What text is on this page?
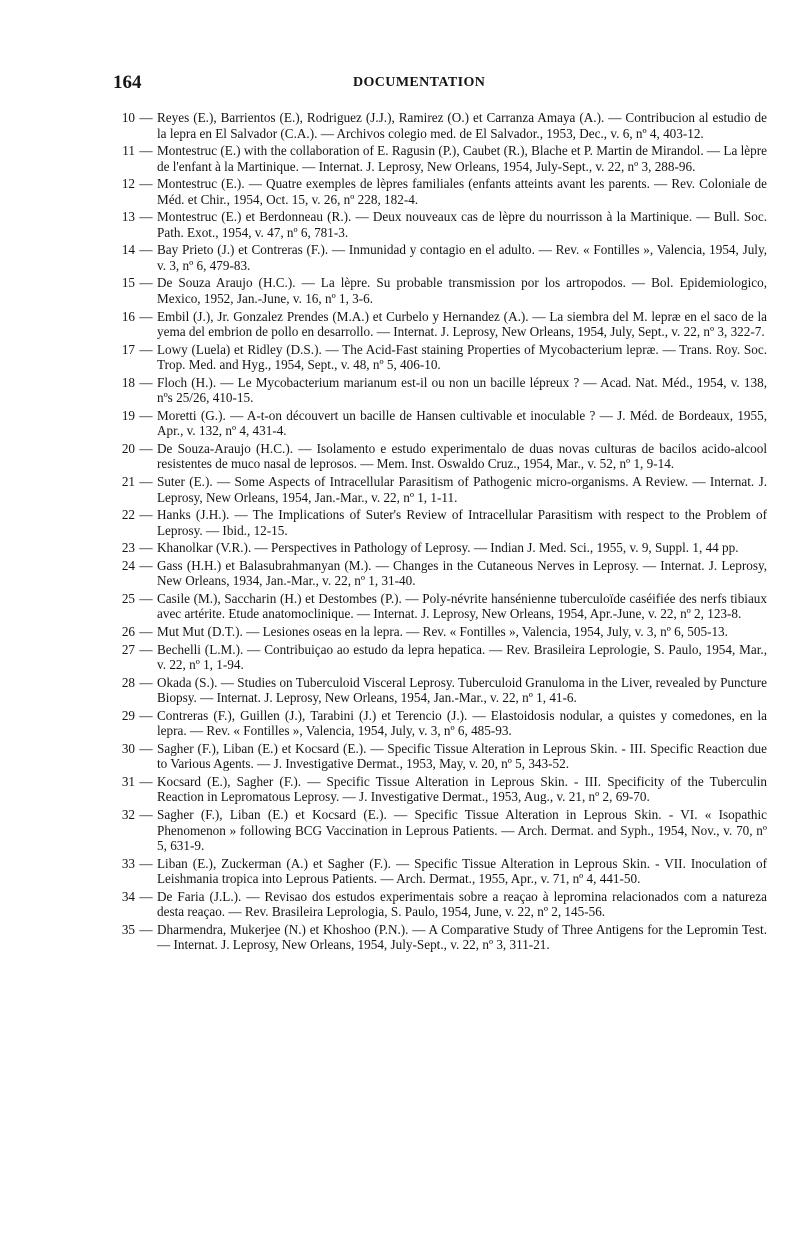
164	DOCUMENTATION
10 — Reyes (E.), Barrientos (E.), Rodriguez (J.J.), Ramirez (O.) et Carranza Amaya (A.). — Contribucion al estudio de la lepra en El Salvador (C.A.). — Archivos colegio med. de El Salvador., 1953, Dec., v. 6, nº 4, 403-12.
11 — Montestruc (E.) with the collaboration of E. Ragusin (P.), Caubet (R.), Blache et P. Martin de Mirandol. — La lèpre de l'enfant à la Martinique. — Internat. J. Leprosy, New Orleans, 1954, July-Sept., v. 22, nº 3, 288-96.
12 — Montestruc (E.). — Quatre exemples de lèpres familiales (enfants atteints avant les parents. — Rev. Coloniale de Méd. et Chir., 1954, Oct. 15, v. 26, nº 228, 182-4.
13 — Montestruc (E.) et Berdonneau (R.). — Deux nouveaux cas de lèpre du nourrisson à la Martinique. — Bull. Soc. Path. Exot., 1954, v. 47, nº 6, 781-3.
14 — Bay Prieto (J.) et Contreras (F.). — Inmunidad y contagio en el adulto. — Rev. « Fontilles », Valencia, 1954, July, v. 3, nº 6, 479-83.
15 — De Souza Araujo (H.C.). — La lèpre. Su probable transmission por los artropodos. — Bol. Epidemiologico, Mexico, 1952, Jan.-June, v. 16, nº 1, 3-6.
16 — Embil (J.), Jr. Gonzalez Prendes (M.A.) et Curbelo y Hernandez (A.). — La siembra del M. lepræ en el saco de la yema del embrion de pollo en desarrollo. — Internat. J. Leprosy, New Orleans, 1954, July, Sept., v. 22, nº 3, 322-7.
17 — Lowy (Luela) et Ridley (D.S.). — The Acid-Fast staining Properties of Mycobacterium lepræ. — Trans. Roy. Soc. Trop. Med. and Hyg., 1954, Sept., v. 48, nº 5, 406-10.
18 — Floch (H.). — Le Mycobacterium marianum est-il ou non un bacille lépreux ? — Acad. Nat. Méd., 1954, v. 138, nºs 25/26, 410-15.
19 — Moretti (G.). — A-t-on découvert un bacille de Hansen cultivable et inoculable ? — J. Méd. de Bordeaux, 1955, Apr., v. 132, nº 4, 431-4.
20 — De Souza-Araujo (H.C.). — Isolamento e estudo experimentalo de duas novas culturas de bacilos acido-alcool resistentes de muco nasal de leprosos. — Mem. Inst. Oswaldo Cruz., 1954, Mar., v. 52, nº 1, 9-14.
21 — Suter (E.). — Some Aspects of Intracellular Parasitism of Pathogenic micro-organisms. A Review. — Internat. J. Leprosy, New Orleans, 1954, Jan.-Mar., v. 22, nº 1, 1-11.
22 — Hanks (J.H.). — The Implications of Suter's Review of Intracellular Parasitism with respect to the Problem of Leprosy. — Ibid., 12-15.
23 — Khanolkar (V.R.). — Perspectives in Pathology of Leprosy. — Indian J. Med. Sci., 1955, v. 9, Suppl. 1, 44 pp.
24 — Gass (H.H.) et Balasubrahmanyan (M.). — Changes in the Cutaneous Nerves in Leprosy. — Internat. J. Leprosy, New Orleans, 1934, Jan.-Mar., v. 22, nº 1, 31-40.
25 — Casile (M.), Saccharin (H.) et Destombes (P.). — Poly-névrite hansénienne tuberculoïde caséifiée des nerfs tibiaux avec artérite. Etude anatomoclinique. — Internat. J. Leprosy, New Orleans, 1954, Apr.-June, v. 22, nº 2, 123-8.
26 — Mut Mut (D.T.). — Lesiones oseas en la lepra. — Rev. « Fontilles », Valencia, 1954, July, v. 3, nº 6, 505-13.
27 — Bechelli (L.M.). — Contribuiçao ao estudo da lepra hepatica. — Rev. Brasileira Leprologie, S. Paulo, 1954, Mar., v. 22, nº 1, 1-94.
28 — Okada (S.). — Studies on Tuberculoid Visceral Leprosy. Tuberculoid Granuloma in the Liver, revealed by Puncture Biopsy. — Internat. J. Leprosy, New Orleans, 1954, Jan.-Mar., v. 22, nº 1, 41-6.
29 — Contreras (F.), Guillen (J.), Tarabini (J.) et Terencio (J.). — Elastoidosis nodular, a quistes y comedones, en la lepra. — Rev. « Fontilles », Valencia, 1954, July, v. 3, nº 6, 485-93.
30 — Sagher (F.), Liban (E.) et Kocsard (E.). — Specific Tissue Alteration in Leprous Skin. - III. Specific Reaction due to Various Agents. — J. Investigative Dermat., 1953, May, v. 20, nº 5, 343-52.
31 — Kocsard (E.), Sagher (F.). — Specific Tissue Alteration in Leprous Skin. - III. Specificity of the Tuberculin Reaction in Lepromatous Leprosy. — J. Investigative Dermat., 1953, Aug., v. 21, nº 2, 69-70.
32 — Sagher (F.), Liban (E.) et Kocsard (E.). — Specific Tissue Alteration in Leprous Skin. - VI. « Isopathic Phenomenon » following BCG Vaccination in Leprous Patients. — Arch. Dermat. and Syph., 1954, Nov., v. 70, nº 5, 631-9.
33 — Liban (E.), Zuckerman (A.) et Sagher (F.). — Specific Tissue Alteration in Leprous Skin. - VII. Inoculation of Leishmania tropica into Leprous Patients. — Arch. Dermat., 1955, Apr., v. 71, nº 4, 441-50.
34 — De Faria (J.L.). — Revisao dos estudos experimentais sobre a reaçao à lepromina relacionados com a natureza desta reaçao. — Rev. Brasileira Leprologia, S. Paulo, 1954, June, v. 22, nº 2, 145-56.
35 — Dharmendra, Mukerjee (N.) et Khoshoo (P.N.). — A Comparative Study of Three Antigens for the Lepromin Test. — Internat. J. Leprosy, New Orleans, 1954, July-Sept., v. 22, nº 3, 311-21.
